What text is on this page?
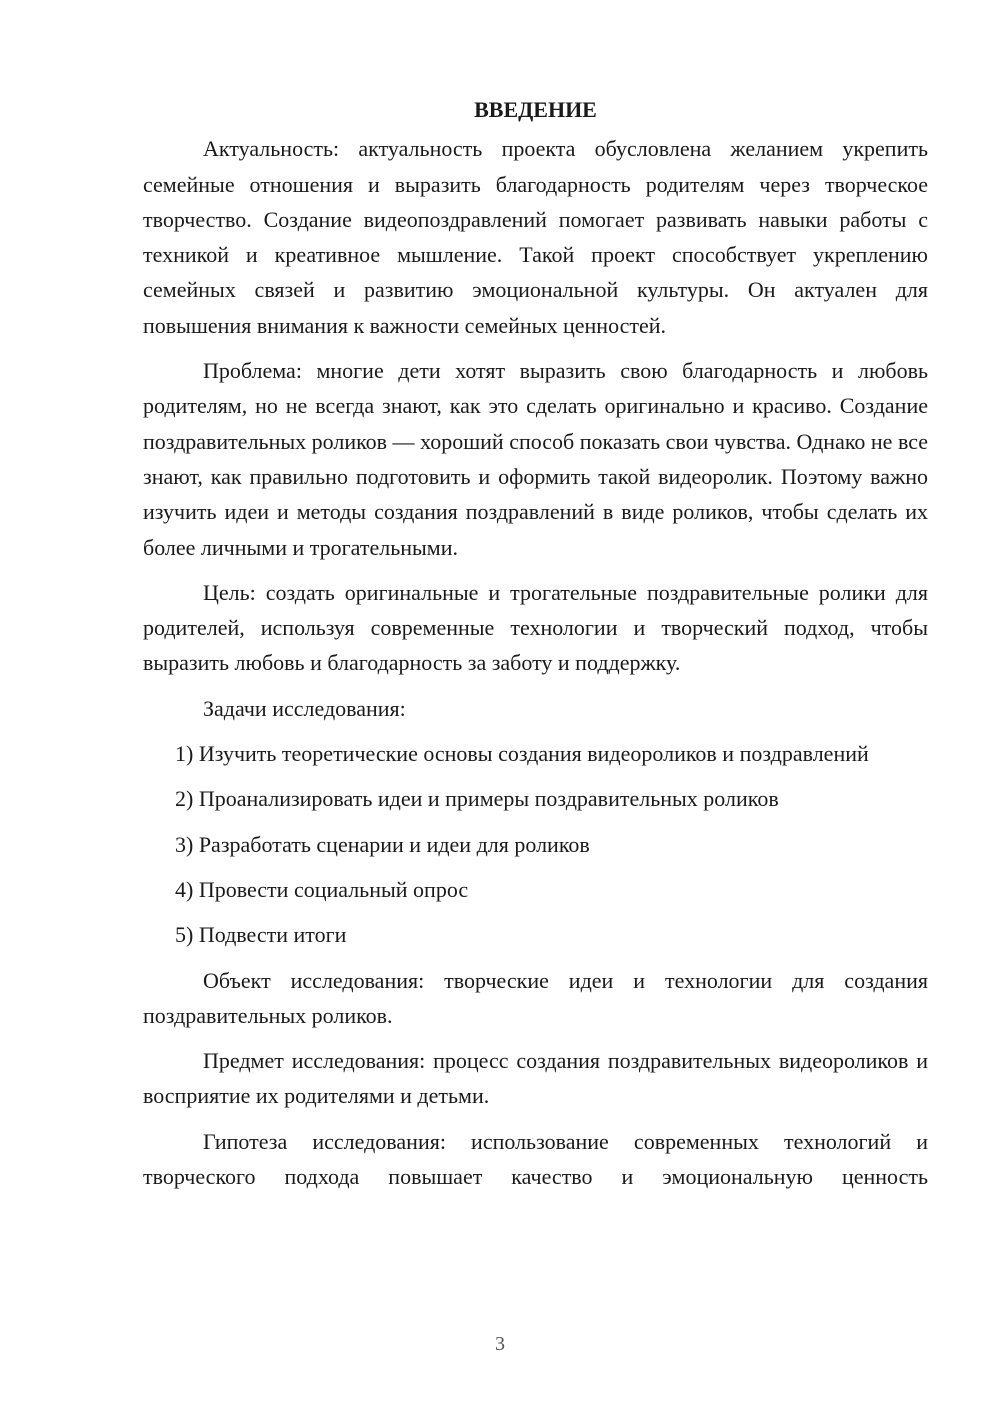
ВВЕДЕНИЕ

Актуальность: актуальность проекта обусловлена желанием укрепить семейные отношения и выразить благодарность родителям через творческое творчество. Создание видеопоздравлений помогает развивать навыки работы с техникой и креативное мышление. Такой проект способствует укреплению семейных связей и развитию эмоциональной культуры. Он актуален для повышения внимания к важности семейных ценностей.

Проблема: многие дети хотят выразить свою благодарность и любовь родителям, но не всегда знают, как это сделать оригинально и красиво. Создание поздравительных роликов — хороший способ показать свои чувства. Однако не все знают, как правильно подготовить и оформить такой видеоролик. Поэтому важно изучить идеи и методы создания поздравлений в виде роликов, чтобы сделать их более личными и трогательными.

Цель: создать оригинальные и трогательные поздравительные ролики для родителей, используя современные технологии и творческий подход, чтобы выразить любовь и благодарность за заботу и поддержку.

Задачи исследования:

1) Изучить теоретические основы создания видеороликов и поздравлений

2) Проанализировать идеи и примеры поздравительных роликов

3) Разработать сценарии и идеи для роликов

4) Провести социальный опрос

5) Подвести итоги

Объект исследования: творческие идеи и технологии для создания поздравительных роликов.

Предмет исследования: процесс создания поздравительных видеороликов и восприятие их родителями и детьми.

Гипотеза исследования: использование современных технологий и творческого подхода повышает качество и эмоциональную ценность

3
